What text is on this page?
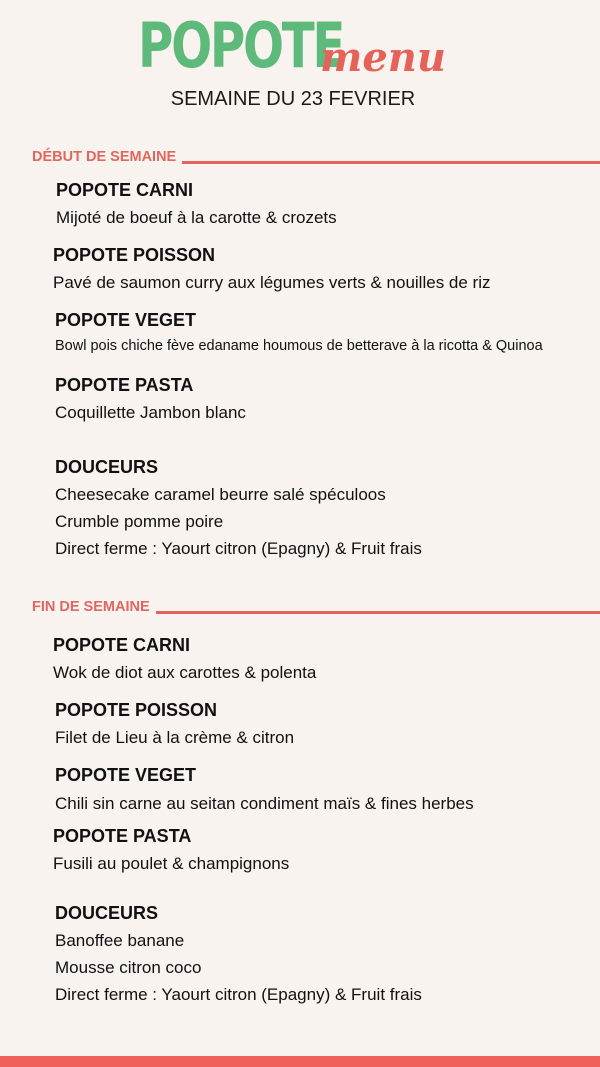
POPOTE
menu
SEMAINE DU 23 FEVRIER
DÉBUT DE SEMAINE
POPOTE CARNI
Mijoté de boeuf à la carotte & crozets
POPOTE POISSON
Pavé de saumon curry aux légumes verts & nouilles de riz
POPOTE VEGET
Bowl pois chiche fève edaname houmous de betterave à la ricotta & Quinoa
POPOTE PASTA
Coquillette Jambon blanc
DOUCEURS
Cheesecake caramel beurre salé spéculoos
Crumble pomme poire
Direct ferme : Yaourt citron (Epagny) & Fruit frais
FIN DE SEMAINE
POPOTE CARNI
Wok de diot aux carottes & polenta
POPOTE POISSON
Filet de Lieu à la crème & citron
POPOTE VEGET
Chili sin carne au seitan condiment maïs & fines herbes
POPOTE PASTA
Fusili au poulet & champignons
DOUCEURS
Banoffee banane
Mousse citron coco
Direct ferme : Yaourt citron (Epagny) & Fruit frais
